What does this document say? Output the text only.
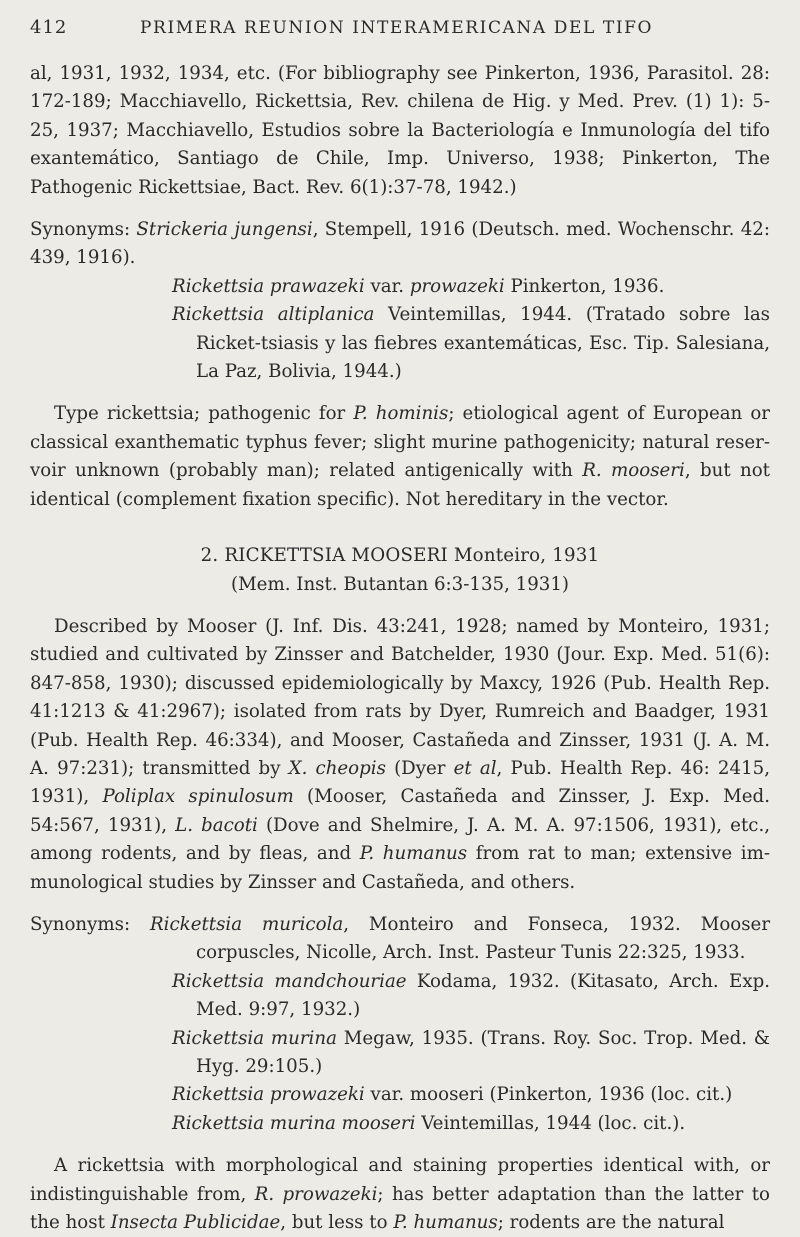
412	PRIMERA REUNION INTERAMERICANA DEL TIFO

al, 1931, 1932, 1934, etc. (For bibliography see Pinkerton, 1936, Parasitol. 28: 172-189; Macchiavello, Rickettsia, Rev. chilena de Hig. y Med. Prev. (1) 1): 5-25, 1937; Macchiavello, Estudios sobre la Bacteriología e Inmunología del tifo exantemático, Santiago de Chile, Imp. Universo, 1938; Pinkerton, The Pathogenic Rickettsiae, Bact. Rev. 6(1):37-78, 1942.)

Synonyms: Strickeria jungensi, Stempell, 1916 (Deutsch. med. Wochenschr. 42: 439, 1916).

Rickettsia prawazeki var. prowazeki Pinkerton, 1936.

Rickettsia altiplanica Veintemillas, 1944. (Tratado sobre las Ricket-tsiasis y las fiebres exantemáticas, Esc. Tip. Salesiana, La Paz, Bolivia, 1944.)

Type rickettsia; pathogenic for P. hominis; etiological agent of European or classical exanthematic typhus fever; slight murine pathogenicity; natural reser-voir unknown (probably man); related antigenically with R. mooseri, but not identical (complement fixation specific). Not hereditary in the vector.

2. RICKETTSIA MOOSERI Monteiro, 1931

(Mem. Inst. Butantan 6:3-135, 1931)

Described by Mooser (J. Inf. Dis. 43:241, 1928; named by Monteiro, 1931; studied and cultivated by Zinsser and Batchelder, 1930 (Jour. Exp. Med. 51(6): 847-858, 1930); discussed epidemiologically by Maxcy, 1926 (Pub. Health Rep. 41:1213 & 41:2967); isolated from rats by Dyer, Rumreich and Baadger, 1931 (Pub. Health Rep. 46:334), and Mooser, Castañeda and Zinsser, 1931 (J. A. M. A. 97:231); transmitted by X. cheopis (Dyer et al, Pub. Health Rep. 46: 2415, 1931), Poliplax spinulosum (Mooser, Castañeda and Zinsser, J. Exp. Med. 54:567, 1931), L. bacoti (Dove and Shelmire, J. A. M. A. 97:1506, 1931), etc., among rodents, and by fleas, and P. humanus from rat to man; extensive im-munological studies by Zinsser and Castañeda, and others.

Synonyms: Rickettsia muricola, Monteiro and Fonseca, 1932. Mooser corpuscles, Nicolle, Arch. Inst. Pasteur Tunis 22:325, 1933.

Rickettsia mandchouriae Kodama, 1932. (Kitasato, Arch. Exp. Med. 9:97, 1932.)

Rickettsia murina Megaw, 1935. (Trans. Roy. Soc. Trop. Med. & Hyg. 29:105.)

Rickettsia prowazeki var. mooseri (Pinkerton, 1936 (loc. cit.)

Rickettsia murina mooseri Veintemillas, 1944 (loc. cit.).

A rickettsia with morphological and staining properties identical with, or indistinguishable from, R. prowazeki; has better adaptation than the latter to the host Insecta Publicidae, but less to P. humanus; rodents are the natural
